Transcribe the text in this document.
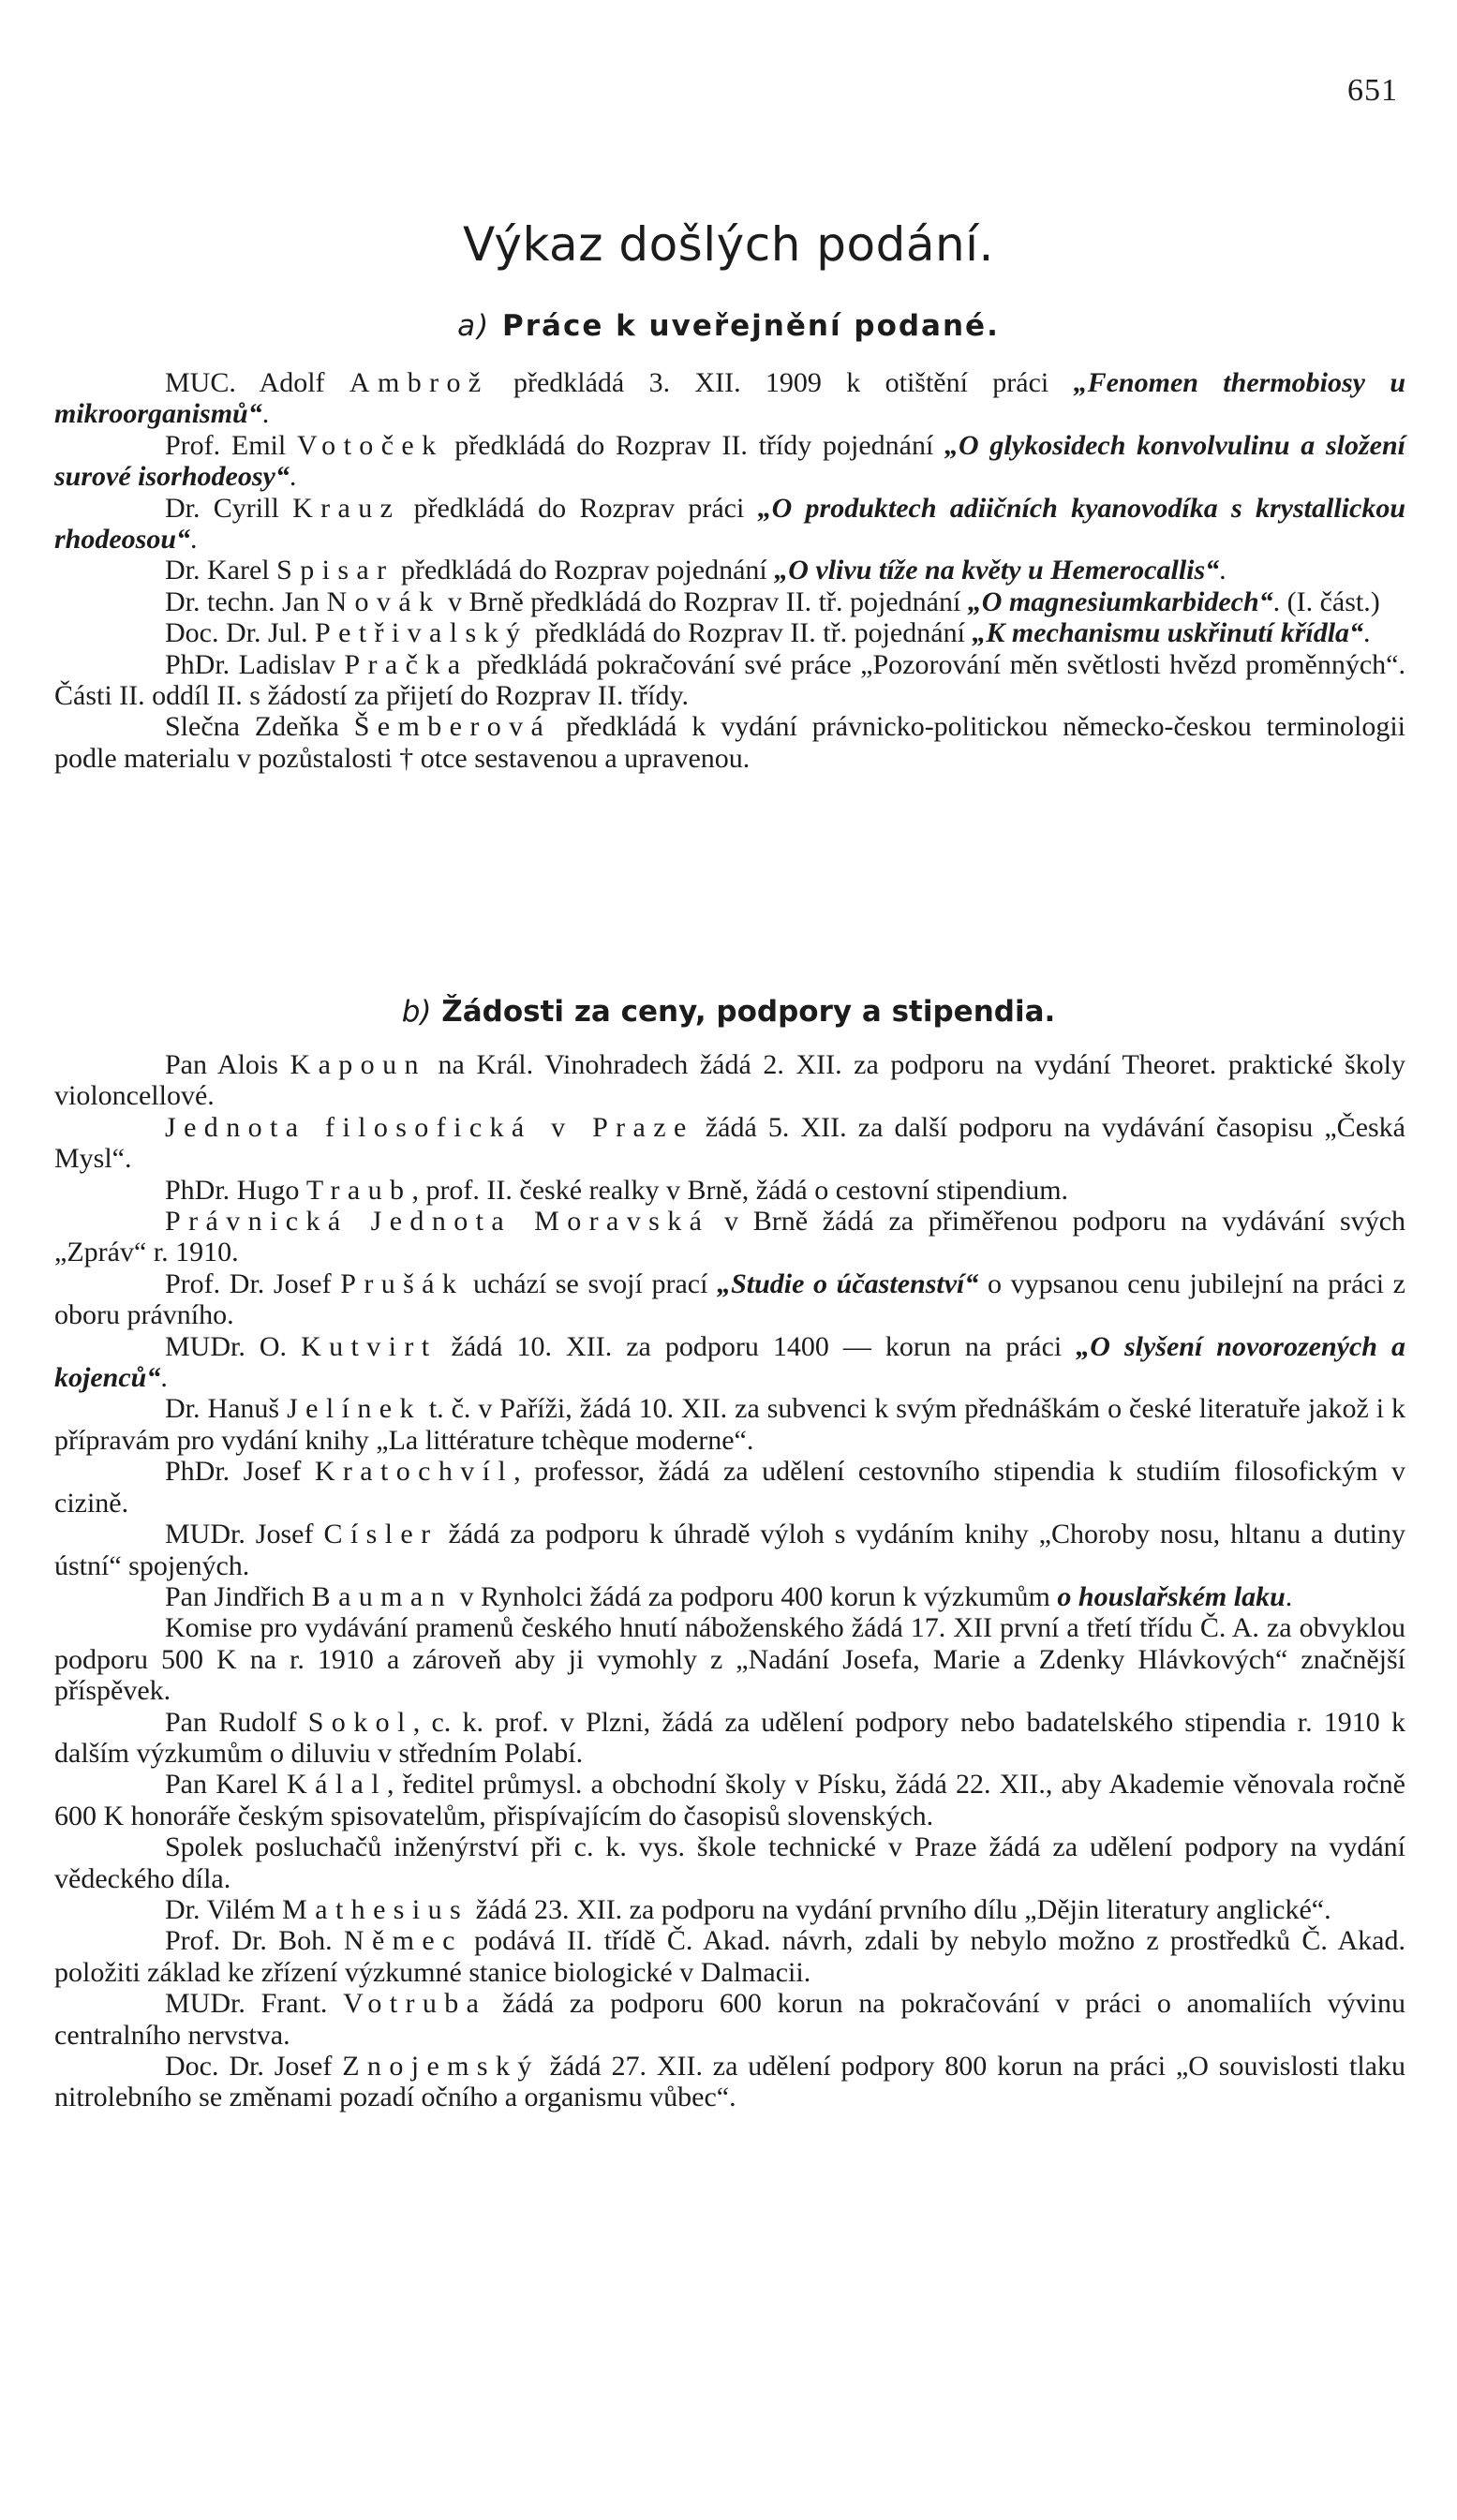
651
Výkaz došlých podání.
a) Práce k uveřejnění podané.

MUC. Adolf Ambrož předkládá 3. XII. 1909 k otištění práci „Fenomen thermobiosy u mikroorganismů“.

Prof. Emil Votoček předkládá do Rozprav II. třídy pojednání „O glykosidech konvolvulinu a složení surové isorhodeosy“.

Dr. Cyrill Krauz předkládá do Rozprav práci „O produktech adiičních kyanovodíka s krystallickou rhodeosou“.

Dr. Karel Spisar předkládá do Rozprav pojednání „O vlivu tíže na květy u Hemerocallis“.

Dr. techn. Jan Novák v Brně předkládá do Rozprav II. tř. pojednání „O magnesiumkarbidech“. (I. část.)

Doc. Dr. Jul. Petřivalský předkládá do Rozprav II. tř. pojednání „K mechanismu uskřinutí křídla“.

PhDr. Ladislav Pračka předkládá pokračování své práce „Pozorování měn světlosti hvězd proměnných“. Části II. oddíl II. s žádostí za přijetí do Rozprav II. třídy.

Slečna Zdeňka Šemberová předkládá k vydání právnicko-politickou německo-českou terminologii podle materialu v pozůstalosti † otce sestavenou a upravenou.

b) Žádosti za ceny, podpory a stipendia.

Pan Alois Kapoun na Král. Vinohradech žádá 2. XII. za podporu na vydání Theoret. praktické školy violoncellové.

Jednota filosofická v Praze žádá 5. XII. za další podporu na vydávání časopisu „Česká Mysl“.

PhDr. Hugo Traub, prof. II. české realky v Brně, žádá o cestovní stipendium.

Právnická Jednota Moravská v Brně žádá za přiměřenou podporu na vydávání svých „Zpráv“ r. 1910.

Prof. Dr. Josef Prušák uchází se svojí prací „Studie o účastenství“ o vypsanou cenu jubilejní na práci z oboru právního.

MUDr. O. Kutvirt žádá 10. XII. za podporu 1400 — korun na práci „O slyšení novorozených a kojenců“.

Dr. Hanuš Jelínek t. č. v Paříži, žádá 10. XII. za subvenci k svým přednáškám o české literatuře jakož i k přípravám pro vydání knihy „La littérature tchèque moderne“.

PhDr. Josef Kratochvíl, professor, žádá za udělení cestovního stipendia k studiím filosofickým v cizině.

MUDr. Josef Císler žádá za podporu k úhradě výloh s vydáním knihy „Choroby nosu, hltanu a dutiny ústní“ spojených.

Pan Jindřich Bauman v Rynholci žádá za podporu 400 korun k výzkumům o houslařském laku.

Komise pro vydávání pramenů českého hnutí náboženského žádá 17. XII první a třetí třídu Č. A. za obvyklou podporu 500 K na r. 1910 a zároveň aby ji vymohly z „Nadání Josefa, Marie a Zdenky Hlávkových“ značnější příspěvek.

Pan Rudolf Sokol, c. k. prof. v Plzni, žádá za udělení podpory nebo badatelského stipendia r. 1910 k dalším výzkumům o diluviu v středním Polabí.

Pan Karel Kálal, ředitel průmysl. a obchodní školy v Písku, žádá 22. XII., aby Akademie věnovala ročně 600 K honoráře českým spisovatelům, přispívajícím do časopisů slovenských.

Spolek posluchačů inženýrství při c. k. vys. škole technické v Praze žádá za udělení podpory na vydání vědeckého díla.

Dr. Vilém Mathesius žádá 23. XII. za podporu na vydání prvního dílu „Dějin literatury anglické“.

Prof. Dr. Boh. Němec podává II. třídě Č. Akad. návrh, zdali by nebylo možno z prostředků Č. Akad. položiti základ ke zřízení výzkumné stanice biologické v Dalmacii.

MUDr. Frant. Votruba žádá za podporu 600 korun na pokračování v práci o anomaliích vývinu centralního nervstva.

Doc. Dr. Josef Znojemský žádá 27. XII. za udělení podpory 800 korun na práci „O souvislosti tlaku nitrolebního se změnami pozadí očního a organismu vůbec“.
